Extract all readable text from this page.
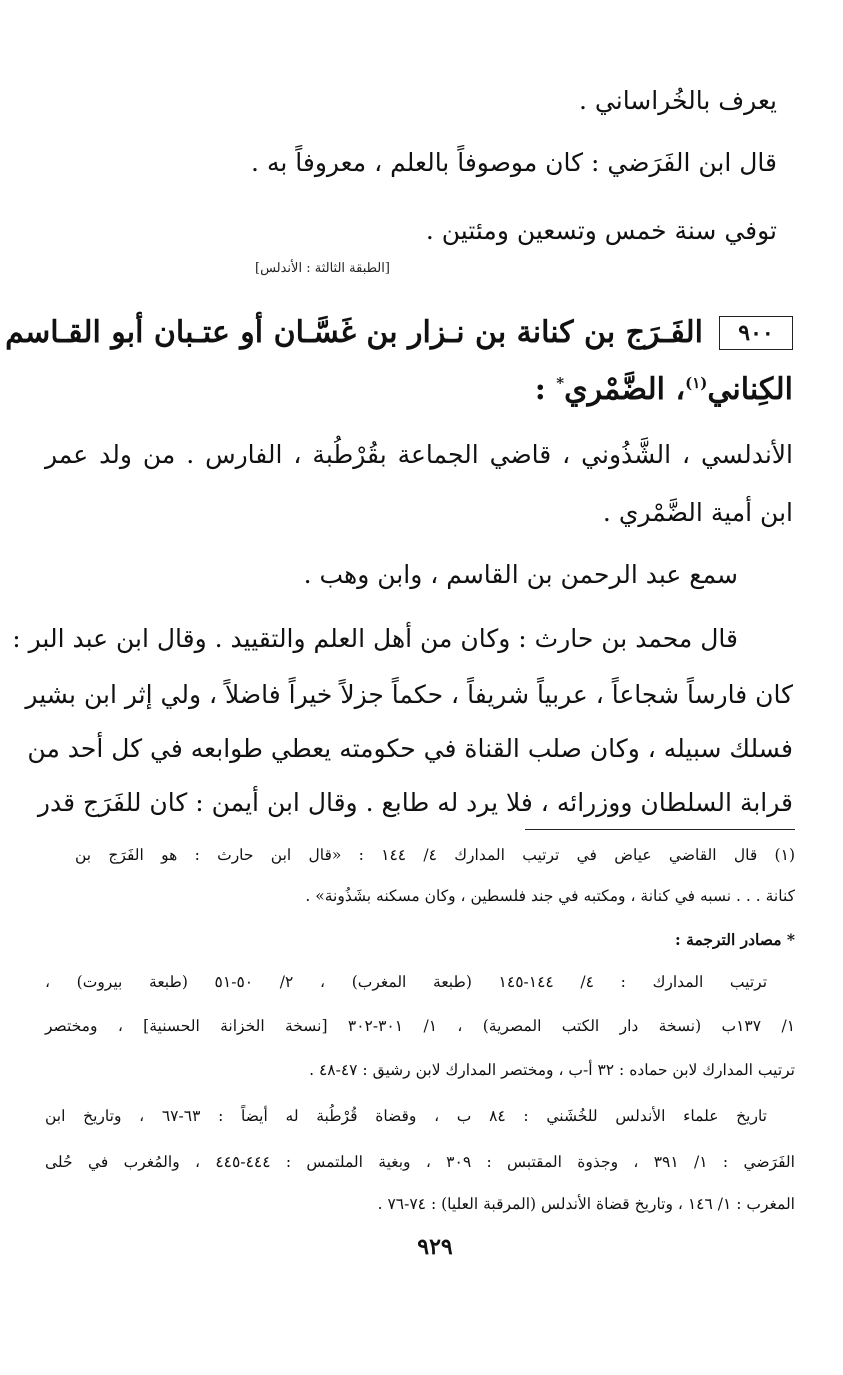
يعرف بالخُراساني .
قال ابن الفَرَضي : كان موصوفاً بالعلم ، معروفاً به .
توفي سنة خمس وتسعين ومئتين .
[الطبقة الثالثة : الأندلس]
٩٠٠
الفَـرَج بن كنانة بن نـزار بن غَسَّـان أو عتـبان أبو القـاسم
الكِناني$^{(١)}$، الضَّمْري* :
الأندلسي ، الشَّذُوني ، قاضي الجماعة بقُرْطُبة ، الفارس . من ولد عمر
ابن أمية الضَّمْري .
سمع عبد الرحمن بن القاسم ، وابن وهب .
قال محمد بن حارث : وكان من أهل العلم والتقييد . وقال ابن عبد البر :
كان فارساً شجاعاً ، عربياً شريفاً ، حكماً جزلاً خيراً فاضلاً ، ولي إثر ابن بشير
فسلك سبيله ، وكان صلب القناة في حكومته يعطي طوابعه في كل أحد من
قرابة السلطان ووزرائه ، فلا يرد له طابع . وقال ابن أيمن : كان للفَرَج قدر
(١) قال القاضي عياض في ترتيب المدارك ٤/ ١٤٤ : «قال ابن حارث : هو الفَرَج بن
كنانة . . . نسبه في كنانة ، ومكتبه في جند فلسطين ، وكان مسكنه بشَذُونة» .
* مصادر الترجمة :
ترتيب المدارك : ٤/ ١٤٤-١٤٥ (طبعة المغرب) ، ٢/ ٥٠-٥١ (طبعة بيروت) ،
١/ ١٣٧ب (نسخة دار الكتب المصرية) ، ١/ ٣٠١-٣٠٢ [نسخة الخزانة الحسنية] ، ومختصر
ترتيب المدارك لابن حماده : ٣٢ أ-ب ، ومختصر المدارك لابن رشيق : ٤٧-٤٨ .
تاريخ علماء الأندلس للخُشَني : ٨٤ ب ، وقضاة قُرْطُبة له أيضاً : ٦٣-٦٧ ، وتاريخ ابن
الفَرَضي : ١/ ٣٩١ ، وجذوة المقتبس : ٣٠٩ ، وبغية الملتمس : ٤٤٤-٤٤٥ ، والمُغرب في حُلى
المغرب : ١/ ١٤٦ ، وتاريخ قضاة الأندلس (المرقبة العليا) : ٧٤-٧٦ .
٩٢٩
